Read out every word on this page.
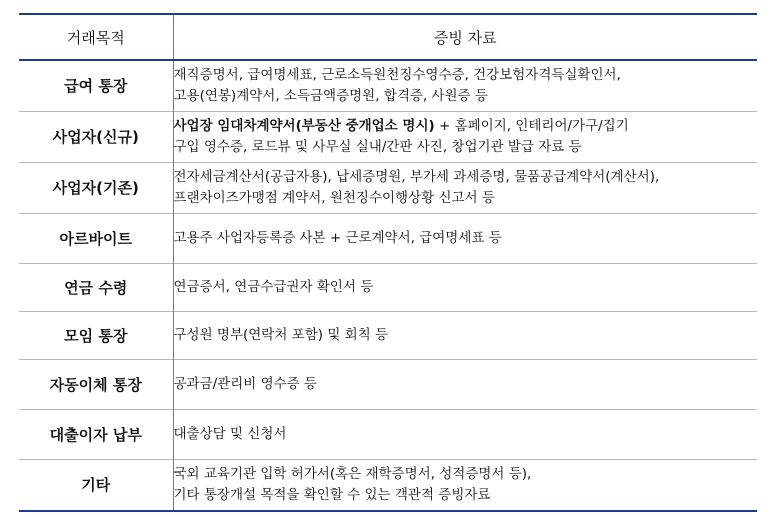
거래목적	증빙 자료
급여 통장	재직증명서, 급여명세표, 근로소득원천징수영수증, 건강보험자격득실확인서,
고용(연봉)계약서, 소득금액증명원, 합격증, 사원증 등

사업자(신규)	사업장 임대차계약서(부동산 중개업소 명시) + 홈페이지, 인테리어/가구/집기
구입 영수증, 로드뷰 및 사무실 실내/간판 사진, 창업기관 발급 자료 등

사업자(기존)	전자세금계산서(공급자용), 납세증명원, 부가세 과세증명, 물품공급계약서(계산서),
프랜차이즈가맹점 계약서, 원천징수이행상황 신고서 등

아르바이트	고용주 사업자등록증 사본 + 근로계약서, 급여명세표 등

연금 수령	연금증서, 연금수급권자 확인서 등

모임 통장	구성원 명부(연락처 포함) 및 회칙 등

자동이체 통장	공과금/관리비 영수증 등

대출이자 납부	대출상담 및 신청서

기타	국외 교육기관 입학 허가서(혹은 재학증명서, 성적증명서 등),
기타 통장개설 목적을 확인할 수 있는 객관적 증빙자료
